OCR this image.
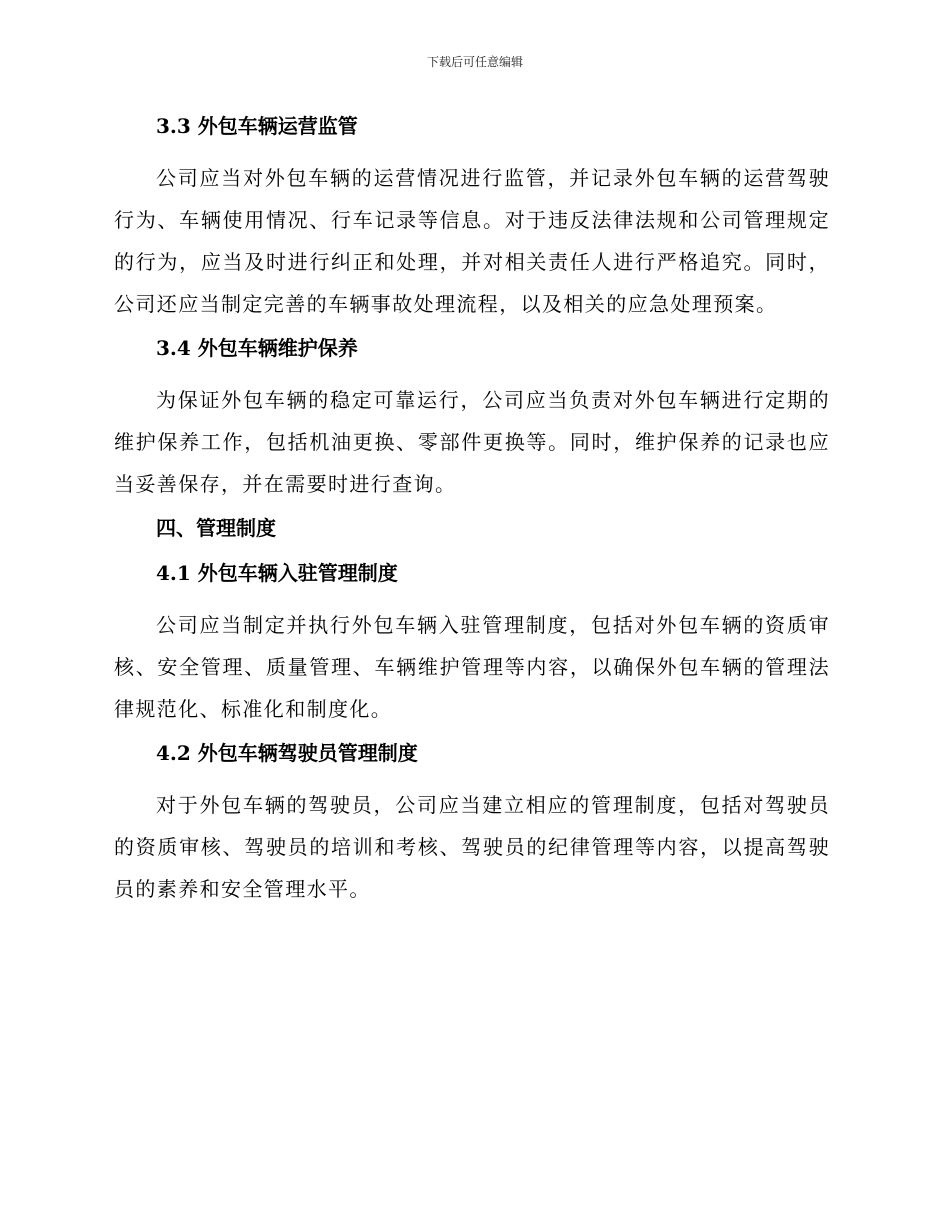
下载后可任意编辑
3.3 外包车辆运营监管

公司应当对外包车辆的运营情况进行监管，并记录外包车辆的运营驾驶行为、车辆使用情况、行车记录等信息。对于违反法律法规和公司管理规定的行为，应当及时进行纠正和处理，并对相关责任人进行严格追究。同时，公司还应当制定完善的车辆事故处理流程，以及相关的应急处理预案。

3.4 外包车辆维护保养

为保证外包车辆的稳定可靠运行，公司应当负责对外包车辆进行定期的维护保养工作，包括机油更换、零部件更换等。同时，维护保养的记录也应当妥善保存，并在需要时进行查询。

四、管理制度
4.1 外包车辆入驻管理制度

公司应当制定并执行外包车辆入驻管理制度，包括对外包车辆的资质审核、安全管理、质量管理、车辆维护管理等内容，以确保外包车辆的管理法律规范化、标准化和制度化。

4.2 外包车辆驾驶员管理制度

对于外包车辆的驾驶员，公司应当建立相应的管理制度，包括对驾驶员的资质审核、驾驶员的培训和考核、驾驶员的纪律管理等内容，以提高驾驶员的素养和安全管理水平。
